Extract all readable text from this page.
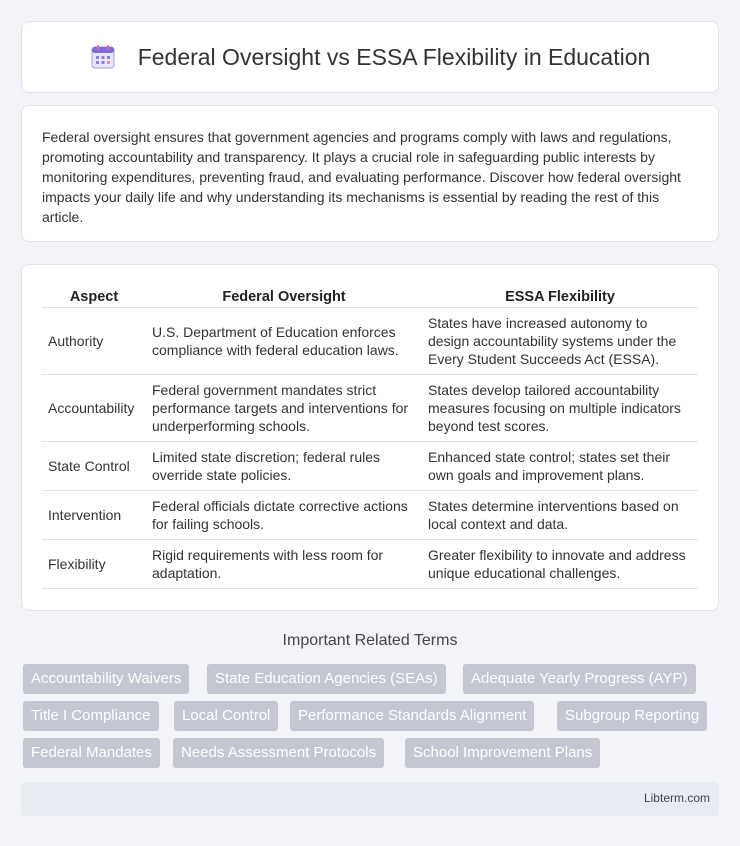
Federal Oversight vs ESSA Flexibility in Education

Federal oversight ensures that government agencies and programs comply with laws and regulations, promoting accountability and transparency. It plays a crucial role in safeguarding public interests by monitoring expenditures, preventing fraud, and evaluating performance. Discover how federal oversight impacts your daily life and why understanding its mechanisms is essential by reading the rest of this article.

Aspect	Federal Oversight	ESSA Flexibility
Authority	U.S. Department of Education enforces compliance with federal education laws.	States have increased autonomy to design accountability systems under the Every Student Succeeds Act (ESSA).
Accountability	Federal government mandates strict performance targets and interventions for underperforming schools.	States develop tailored accountability measures focusing on multiple indicators beyond test scores.
State Control	Limited state discretion; federal rules override state policies.	Enhanced state control; states set their own goals and improvement plans.
Intervention	Federal officials dictate corrective actions for failing schools.	States determine interventions based on local context and data.
Flexibility	Rigid requirements with less room for adaptation.	Greater flexibility to innovate and address unique educational challenges.
Important Related Terms
Accountability Waivers	State Education Agencies (SEAs)	Adequate Yearly Progress (AYP)
Title I Compliance	Local Control	Performance Standards Alignment	Subgroup Reporting
Federal Mandates	Needs Assessment Protocols	School Improvement Plans
Libterm.com
